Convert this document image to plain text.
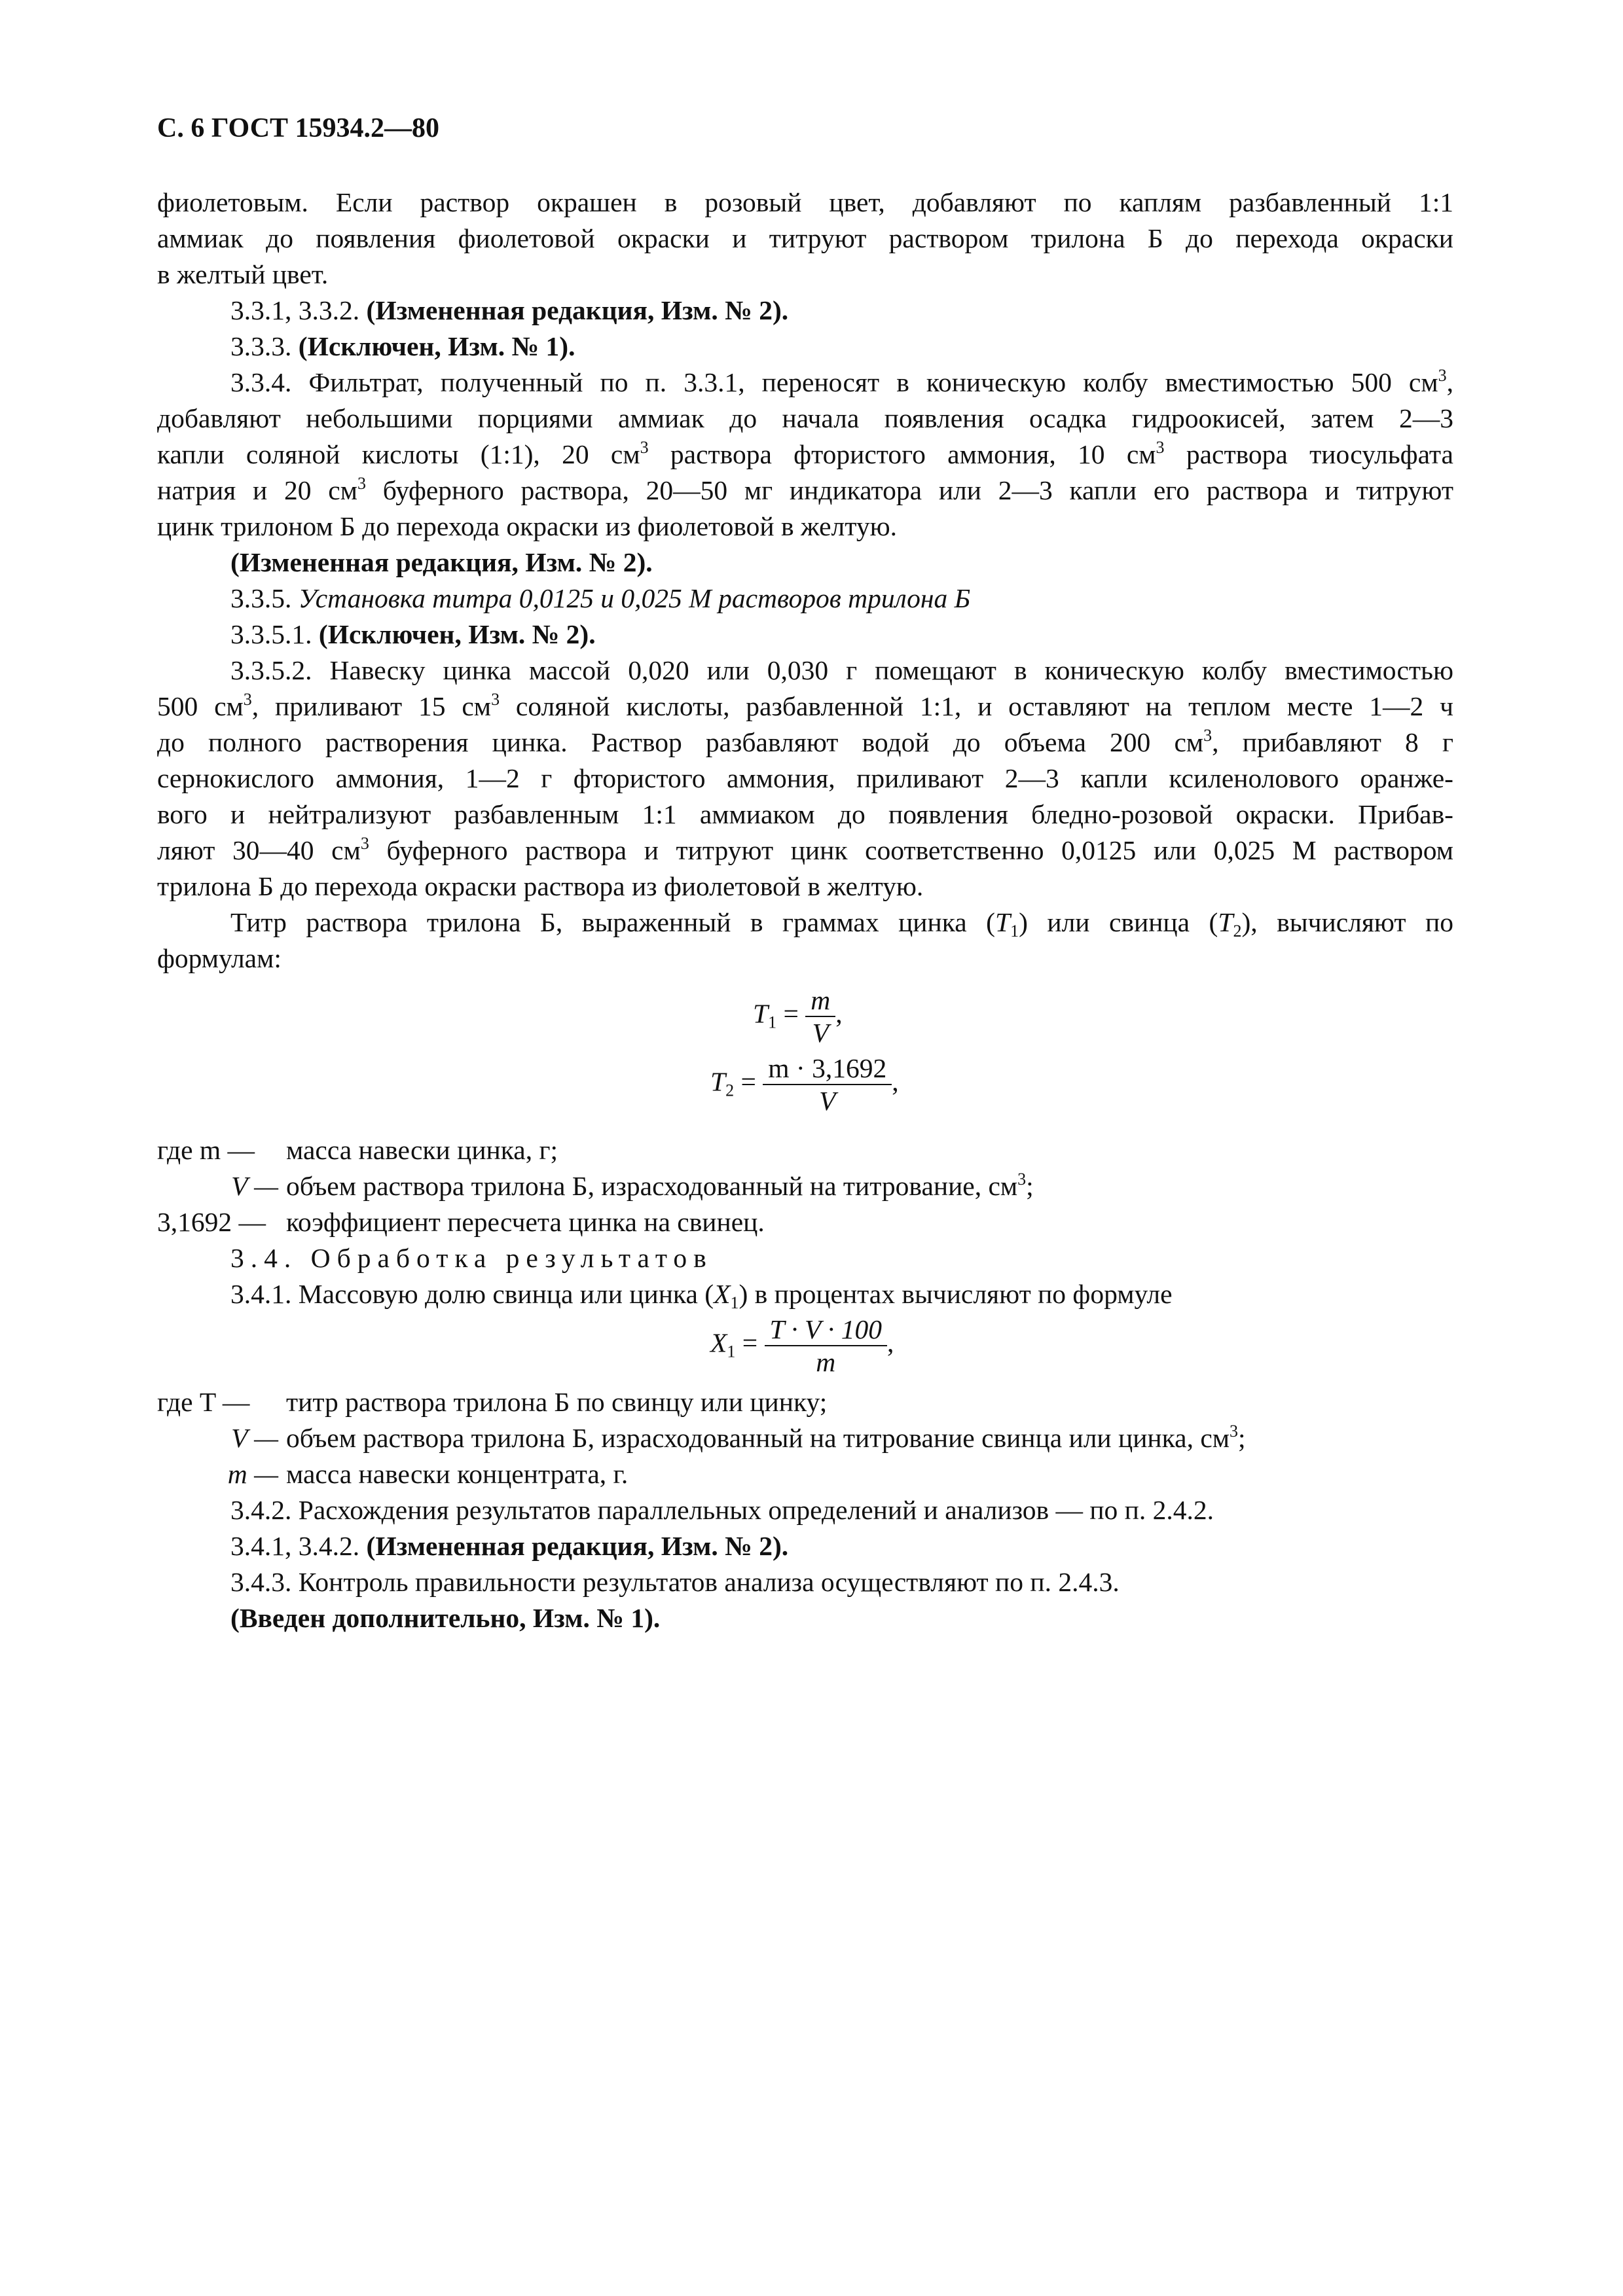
С. 6 ГОСТ 15934.2—80
фиолетовым. Если раствор окрашен в розовый цвет, добавляют по каплям разбавленный 1:1
аммиак до появления фиолетовой окраски и титруют раствором трилона Б до перехода окраски
в желтый цвет.
3.3.1, 3.3.2. (Измененная редакция, Изм. № 2).
3.3.3. (Исключен, Изм. № 1).
3.3.4. Фильтрат, полученный по п. 3.3.1, переносят в коническую колбу вместимостью 500 $см^3$,
добавляют небольшими порциями аммиак до начала появления осадка гидроокисей, затем 2—3
капли соляной кислоты (1:1), 20 $см^3$ раствора фтористого аммония, 10 $см^3$ раствора тиосульфата
натрия и 20 $см^3$ буферного раствора, 20—50 мг индикатора или 2—3 капли его раствора и титруют
цинк трилоном Б до перехода окраски из фиолетовой в желтую.
(Измененная редакция, Изм. № 2).
3.3.5. Установка титра 0,0125 и 0,025 М растворов трилона Б
3.3.5.1. (Исключен, Изм. № 2).
3.3.5.2. Навеску цинка массой 0,020 или 0,030 г помещают в коническую колбу вместимостью
500 $см^3$, приливают 15 $см^3$ соляной кислоты, разбавленной 1:1, и оставляют на теплом месте 1—2 ч
до полного растворения цинка. Раствор разбавляют водой до объема 200 $см^3$, прибавляют 8 г
сернокислого аммония, 1—2 г фтористого аммония, приливают 2—3 капли ксиленолового оранже-
вого и нейтрализуют разбавленным 1:1 аммиаком до появления бледно-розовой окраски. Прибав-
ляют 30—40 $см^3$ буферного раствора и титруют цинк соответственно 0,0125 или 0,025 М раствором
трилона Б до перехода окраски раствора из фиолетовой в желтую.
Титр раствора трилона Б, выраженный в граммах цинка $(T_1)$ или свинца $(T_2)$, вычисляют по
формулам:
$T_1 = \frac{m}{V}$ ,
$T_2 = \frac{m \cdot 3,1692}{V}$ ,
где m — масса навески цинка, г;
V — объем раствора трилона Б, израсходованный на титрование, $см^3$;
3,1692 — коэффициент пересчета цинка на свинец.
3.4. Обработка результатов
3.4.1. Массовую долю свинца или цинка $(X_1)$ в процентах вычисляют по формуле
$X_1 = \frac{T \cdot V \cdot 100}{m}$ ,
где T — титр раствора трилона Б по свинцу или цинку;
V — объем раствора трилона Б, израсходованный на титрование свинца или цинка, $см^3$;
m — масса навески концентрата, г.
3.4.2. Расхождения результатов параллельных определений и анализов — по п. 2.4.2.
3.4.1, 3.4.2. (Измененная редакция, Изм. № 2).
3.4.3. Контроль правильности результатов анализа осуществляют по п. 2.4.3.
(Введен дополнительно, Изм. № 1).
